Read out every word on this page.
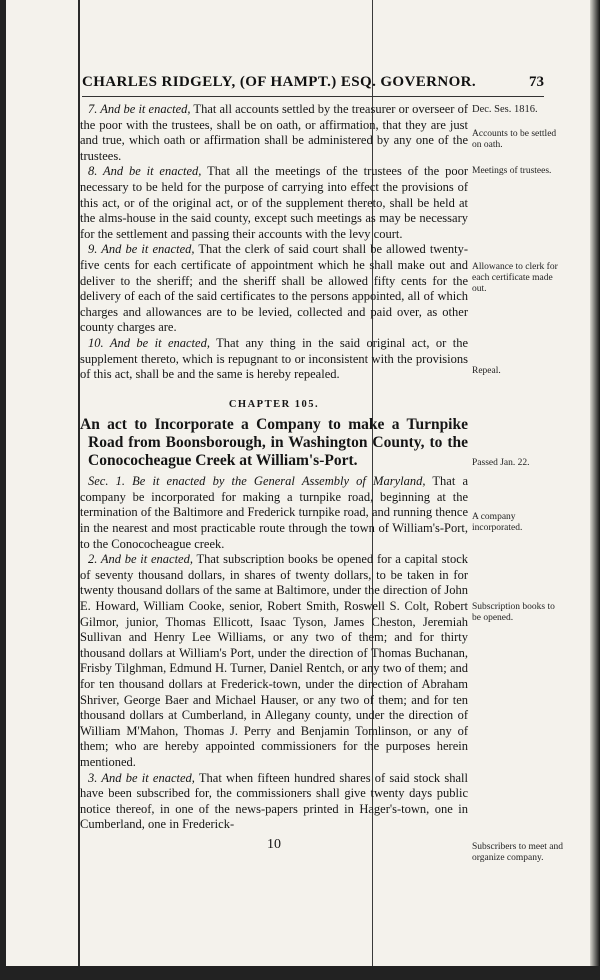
CHARLES RIDGELY, (OF HAMPT.) ESQ. GOVERNOR.	73

7. And be it enacted, That all accounts settled by the treasurer or overseer of the poor with the trustees, shall be on oath, or affirmation, that they are just and true, which oath or affirmation shall be administered by any one of the trustees.

8. And be it enacted, That all the meetings of the trustees of the poor necessary to be held for the purpose of carrying into effect the provisions of this act, or of the original act, or of the supplement thereto, shall be held at the alms-house in the said county, except such meetings as may be necessary for the settlement and passing their accounts with the levy court.

9. And be it enacted, That the clerk of said court shall be allowed twenty-five cents for each certificate of appointment which he shall make out and deliver to the sheriff; and the sheriff shall be allowed fifty cents for the delivery of each of the said certificates to the persons appointed, all of which charges and allowances are to be levied, collected and paid over, as other county charges are.

10. And be it enacted, That any thing in the said original act, or the supplement thereto, which is repugnant to or inconsistent with the provisions of this act, shall be and the same is hereby repealed.

CHAPTER 105.

An act to Incorporate a Company to make a Turnpike Road from Boonsborough, in Washington County, to the Conococheague Creek at William's-Port.

Sec. 1. Be it enacted by the General Assembly of Maryland, That a company be incorporated for making a turnpike road, beginning at the termination of the Baltimore and Frederick turnpike road, and running thence in the nearest and most practicable route through the town of William's-Port, to the Conococheague creek.

2. And be it enacted, That subscription books be opened for a capital stock of seventy thousand dollars, in shares of twenty dollars, to be taken in for twenty thousand dollars of the same at Baltimore, under the direction of John E. Howard, William Cooke, senior, Robert Smith, Roswell S. Colt, Robert Gilmor, junior, Thomas Ellicott, Isaac Tyson, James Cheston, Jeremiah Sullivan and Henry Lee Williams, or any two of them; and for thirty thousand dollars at William's Port, under the direction of Thomas Buchanan, Frisby Tilghman, Edmund H. Turner, Daniel Rentch, or any two of them; and for ten thousand dollars at Frederick-town, under the direction of Abraham Shriver, George Baer and Michael Hauser, or any two of them; and for ten thousand dollars at Cumberland, in Allegany county, under the direction of William M'Mahon, Thomas J. Perry and Benjamin Tomlinson, or any of them; who are hereby appointed commissioners for the purposes herein mentioned.

3. And be it enacted, That when fifteen hundred shares of said stock shall have been subscribed for, the commissioners shall give twenty days public notice thereof, in one of the news-papers printed in Hager's-town, one in Cumberland, one in Frederick-

10
Dec. Ses. 1816.
Accounts to be settled on oath.
Meetings of trustees.
Allowance to clerk for each certificate made out.
Repeal.
Passed Jan. 22.
A company incorporated.
Subscription books to be opened.
Subscribers to meet and organize company.
